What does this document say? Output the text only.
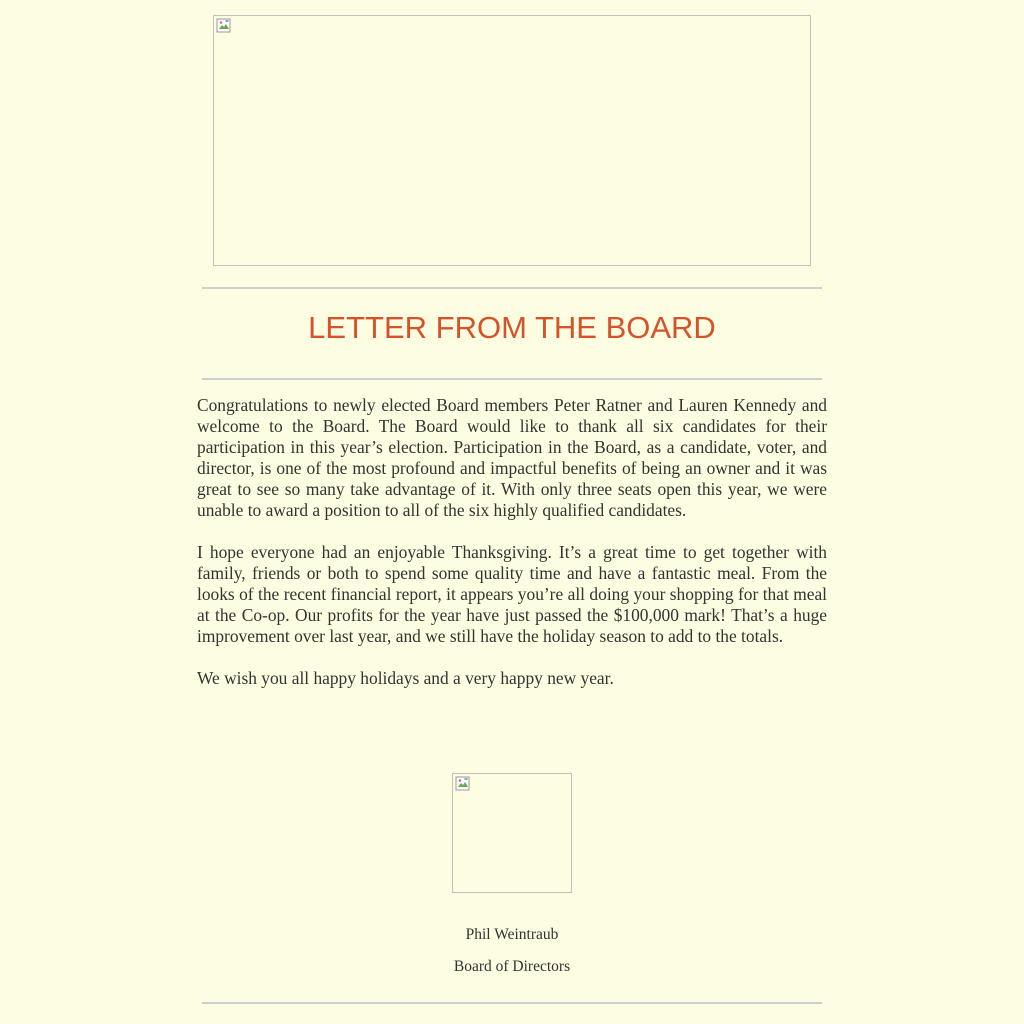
LETTER FROM THE BOARD

Congratulations to newly elected Board members Peter Ratner and Lauren Kennedy and welcome to the Board. The Board would like to thank all six candidates for their participation in this year’s election. Participation in the Board, as a candidate, voter, and director, is one of the most profound and impactful benefits of being an owner and it was great to see so many take advantage of it. With only three seats open this year, we were unable to award a position to all of the six highly qualified candidates.

I hope everyone had an enjoyable Thanksgiving. It’s a great time to get together with family, friends or both to spend some quality time and have a fantastic meal. From the looks of the recent financial report, it appears you’re all doing your shopping for that meal at the Co-op. Our profits for the year have just passed the $100,000 mark! That’s a huge improvement over last year, and we still have the holiday season to add to the totals.

We wish you all happy holidays and a very happy new year.

Phil Weintraub
Board of Directors
